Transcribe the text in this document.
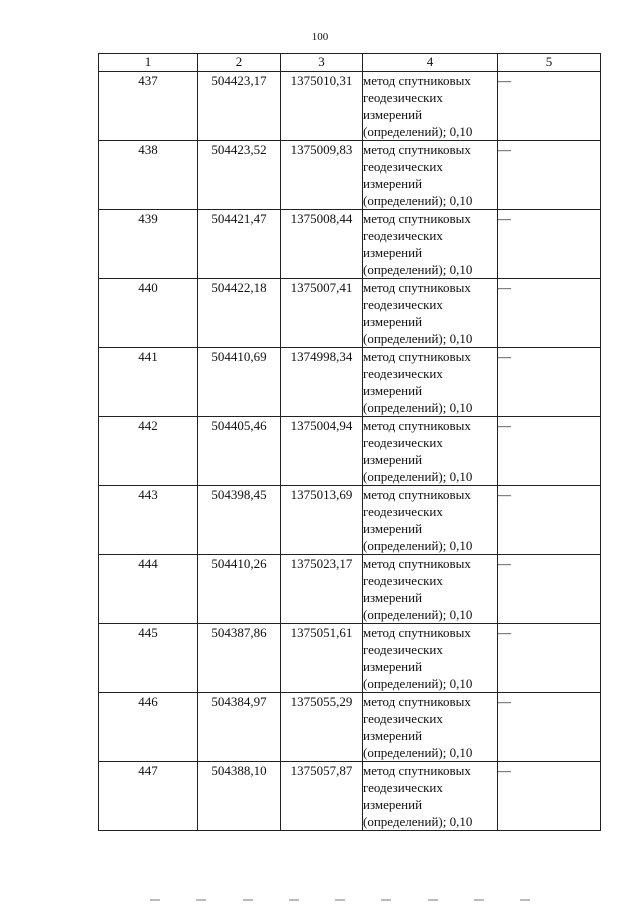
100
1	2	3	4	5
437	504423,17	1375010,31	метод спутниковых
геодезических
измерений
(определений); 0,10	—
438	504423,52	1375009,83	метод спутниковых
геодезических
измерений
(определений); 0,10	—
439	504421,47	1375008,44	метод спутниковых
геодезических
измерений
(определений); 0,10	—
440	504422,18	1375007,41	метод спутниковых
геодезических
измерений
(определений); 0,10	—
441	504410,69	1374998,34	метод спутниковых
геодезических
измерений
(определений); 0,10	—
442	504405,46	1375004,94	метод спутниковых
геодезических
измерений
(определений); 0,10	—
443	504398,45	1375013,69	метод спутниковых
геодезических
измерений
(определений); 0,10	—
444	504410,26	1375023,17	метод спутниковых
геодезических
измерений
(определений); 0,10	—
445	504387,86	1375051,61	метод спутниковых
геодезических
измерений
(определений); 0,10	—
446	504384,97	1375055,29	метод спутниковых
геодезических
измерений
(определений); 0,10	—
447	504388,10	1375057,87	метод спутниковых
геодезических
измерений
(определений); 0,10	—
